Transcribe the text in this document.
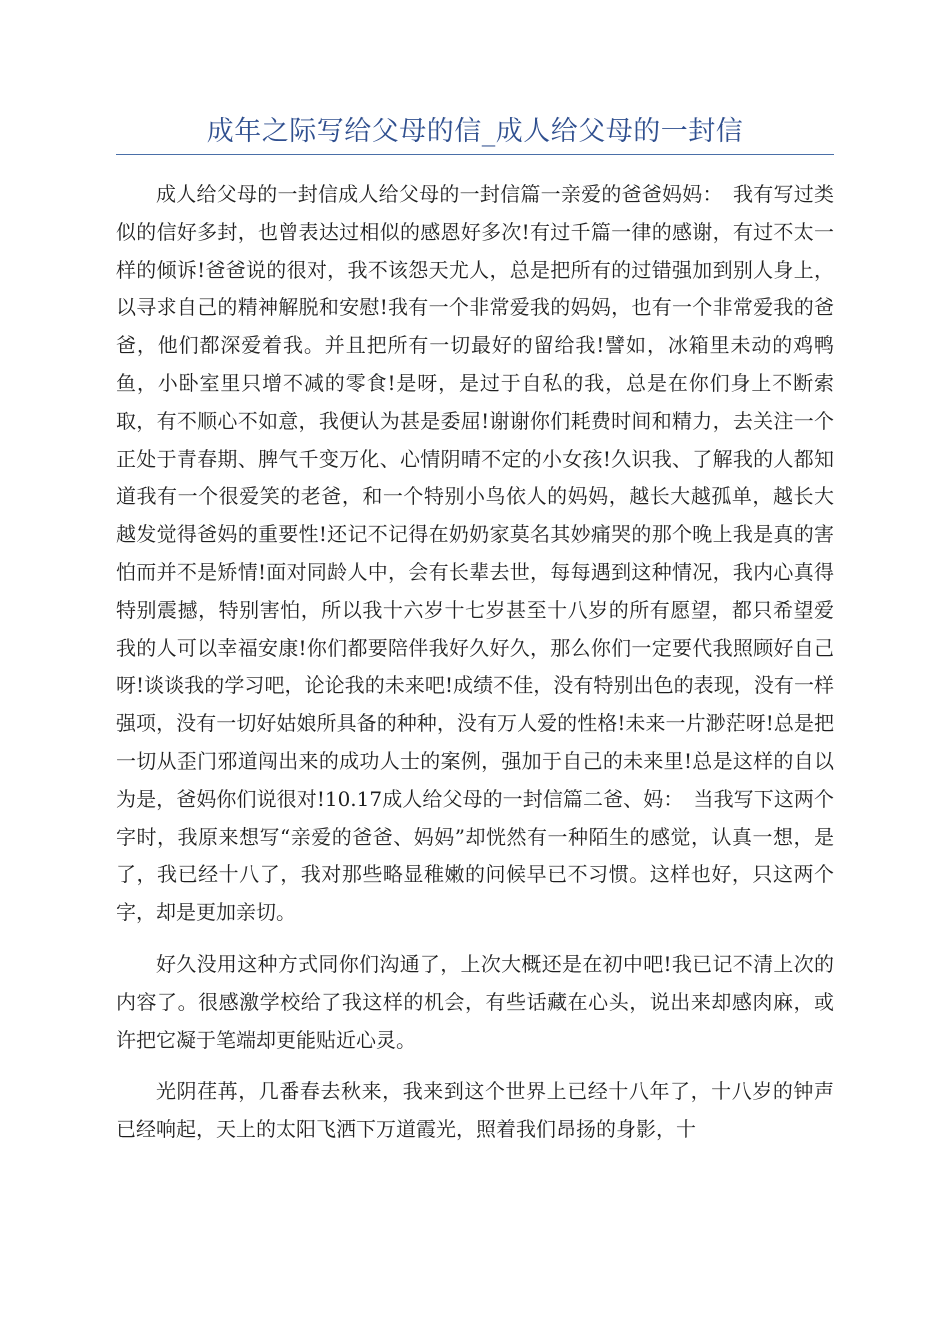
成年之际写给父母的信_成人给父母的一封信

成人给父母的一封信成人给父母的一封信篇一亲爱的爸爸妈妈：　我有写过类似的信好多封，也曾表达过相似的感恩好多次!有过千篇一律的感谢，有过不太一样的倾诉!爸爸说的很对，我不该怨天尤人，总是把所有的过错强加到别人身上，以寻求自己的精神解脱和安慰!我有一个非常爱我的妈妈，也有一个非常爱我的爸爸，他们都深爱着我。并且把所有一切最好的留给我!譬如，冰箱里未动的鸡鸭鱼，小卧室里只增不减的零食!是呀，是过于自私的我，总是在你们身上不断索取，有不顺心不如意，我便认为甚是委屈!谢谢你们耗费时间和精力，去关注一个正处于青春期、脾气千变万化、心情阴晴不定的小女孩!久识我、了解我的人都知道我有一个很爱笑的老爸，和一个特别小鸟依人的妈妈，越长大越孤单，越长大越发觉得爸妈的重要性!还记不记得在奶奶家莫名其妙痛哭的那个晚上我是真的害怕而并不是矫情!面对同龄人中，会有长辈去世，每每遇到这种情况，我内心真得特别震撼，特别害怕，所以我十六岁十七岁甚至十八岁的所有愿望，都只希望爱我的人可以幸福安康!你们都要陪伴我好久好久，那么你们一定要代我照顾好自己呀!谈谈我的学习吧，论论我的未来吧!成绩不佳，没有特别出色的表现，没有一样强项，没有一切好姑娘所具备的种种，没有万人爱的性格!未来一片渺茫呀!总是把一切从歪门邪道闯出来的成功人士的案例，强加于自己的未来里!总是这样的自以为是，爸妈你们说很对!10.17成人给父母的一封信篇二爸、妈：　当我写下这两个字时，我原来想写“亲爱的爸爸、妈妈”却恍然有一种陌生的感觉，认真一想，是了，我已经十八了，我对那些略显稚嫩的问候早已不习惯。这样也好，只这两个字，却是更加亲切。

好久没用这种方式同你们沟通了，上次大概还是在初中吧!我已记不清上次的内容了。很感激学校给了我这样的机会，有些话藏在心头，说出来却感肉麻，或许把它凝于笔端却更能贴近心灵。

光阴荏苒，几番春去秋来，我来到这个世界上已经十八年了，十八岁的钟声已经响起，天上的太阳飞洒下万道霞光，照着我们昂扬的身影，十
